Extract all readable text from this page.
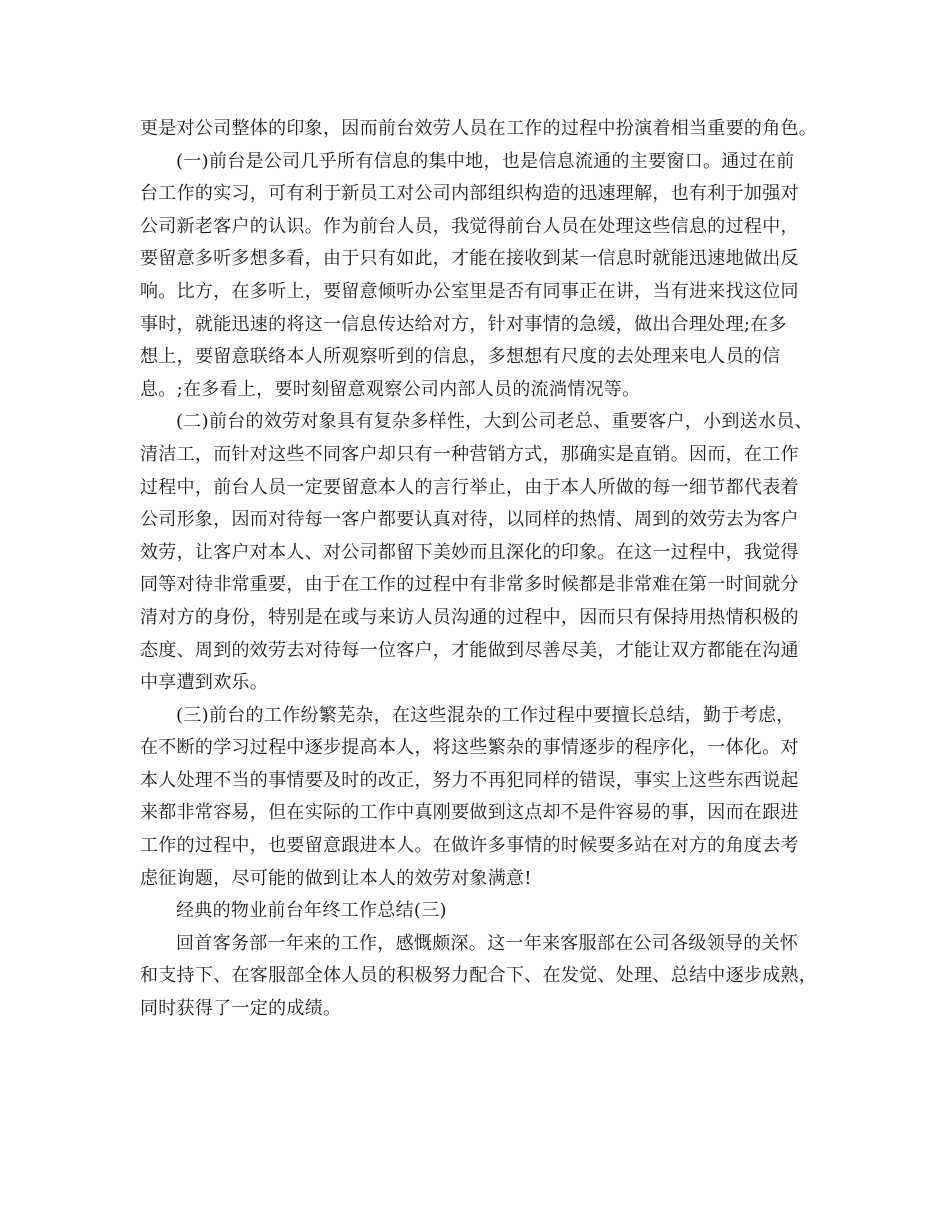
更是对公司整体的印象，因而前台效劳人员在工作的过程中扮演着相当重要的角色。
(一)前台是公司几乎所有信息的集中地，也是信息流通的主要窗口。通过在前
台工作的实习，可有利于新员工对公司内部组织构造的迅速理解，也有利于加强对
公司新老客户的认识。作为前台人员，我觉得前台人员在处理这些信息的过程中，
要留意多听多想多看，由于只有如此，才能在接收到某一信息时就能迅速地做出反
响。比方，在多听上，要留意倾听办公室里是否有同事正在讲，当有进来找这位同
事时，就能迅速的将这一信息传达给对方，针对事情的急缓，做出合理处理;在多
想上，要留意联络本人所观察听到的信息，多想想有尺度的去处理来电人员的信
息。;在多看上，要时刻留意观察公司内部人员的流淌情况等。
(二)前台的效劳对象具有复杂多样性，大到公司老总、重要客户，小到送水员、
清洁工，而针对这些不同客户却只有一种营销方式，那确实是直销。因而，在工作
过程中，前台人员一定要留意本人的言行举止，由于本人所做的每一细节都代表着
公司形象，因而对待每一客户都要认真对待，以同样的热情、周到的效劳去为客户
效劳，让客户对本人、对公司都留下美妙而且深化的印象。在这一过程中，我觉得
同等对待非常重要，由于在工作的过程中有非常多时候都是非常难在第一时间就分
清对方的身份，特别是在或与来访人员沟通的过程中，因而只有保持用热情积极的
态度、周到的效劳去对待每一位客户，才能做到尽善尽美，才能让双方都能在沟通
中享遭到欢乐。
(三)前台的工作纷繁芜杂，在这些混杂的工作过程中要擅长总结，勤于考虑，
在不断的学习过程中逐步提高本人，将这些繁杂的事情逐步的程序化，一体化。对
本人处理不当的事情要及时的改正，努力不再犯同样的错误，事实上这些东西说起
来都非常容易，但在实际的工作中真刚要做到这点却不是件容易的事，因而在跟进
工作的过程中，也要留意跟进本人。在做许多事情的时候要多站在对方的角度去考
虑征询题，尽可能的做到让本人的效劳对象满意!
经典的物业前台年终工作总结(三)
回首客务部一年来的工作，感慨颇深。这一年来客服部在公司各级领导的关怀
和支持下、在客服部全体人员的积极努力配合下、在发觉、处理、总结中逐步成熟，
同时获得了一定的成绩。
